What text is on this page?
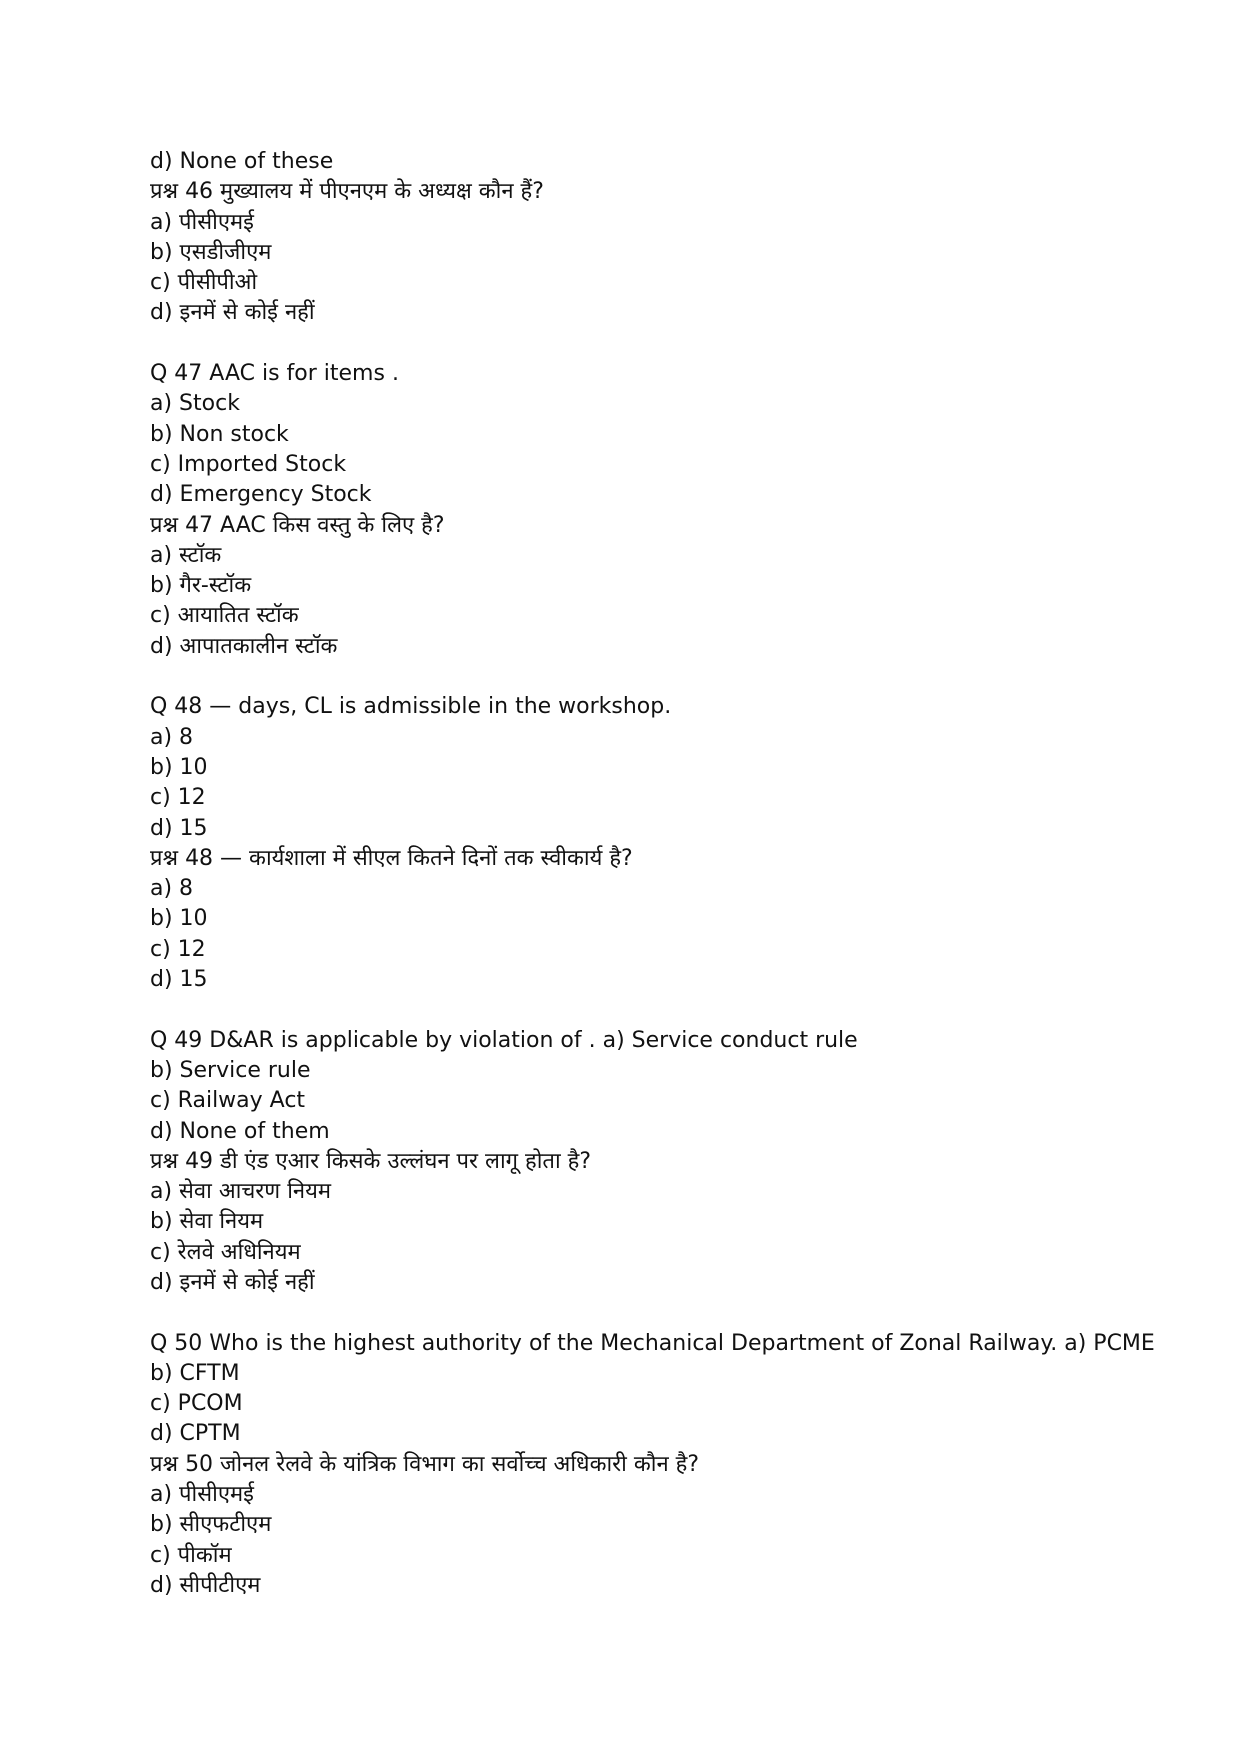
d) None of these
प्रश्न 46 मुख्यालय में पीएनएम के अध्यक्ष कौन हैं?
a) पीसीएमई
b) एसडीजीएम
c) पीसीपीओ
d) इनमें से कोई नहीं
Q 47 AAC is for items .
a) Stock
b) Non stock
c) Imported Stock
d) Emergency Stock
प्रश्न 47 AAC किस वस्तु के लिए है?
a) स्टॉक
b) गैर-स्टॉक
c) आयातित स्टॉक
d) आपातकालीन स्टॉक
Q 48 — days, CL is admissible in the workshop.
a) 8
b) 10
c) 12
d) 15
प्रश्न 48 — कार्यशाला में सीएल कितने दिनों तक स्वीकार्य है?
a) 8
b) 10
c) 12
d) 15
Q 49 D&AR is applicable by violation of . a) Service conduct rule
b) Service rule
c) Railway Act
d) None of them
प्रश्न 49 डी एंड एआर किसके उल्लंघन पर लागू होता है?
a) सेवा आचरण नियम
b) सेवा नियम
c) रेलवे अधिनियम
d) इनमें से कोई नहीं
Q 50 Who is the highest authority of the Mechanical Department of Zonal Railway. a) PCME
b) CFTM
c) PCOM
d) CPTM
प्रश्न 50 जोनल रेलवे के यांत्रिक विभाग का सर्वोच्च अधिकारी कौन है?
a) पीसीएमई
b) सीएफटीएम
c) पीकॉम
d) सीपीटीएम
